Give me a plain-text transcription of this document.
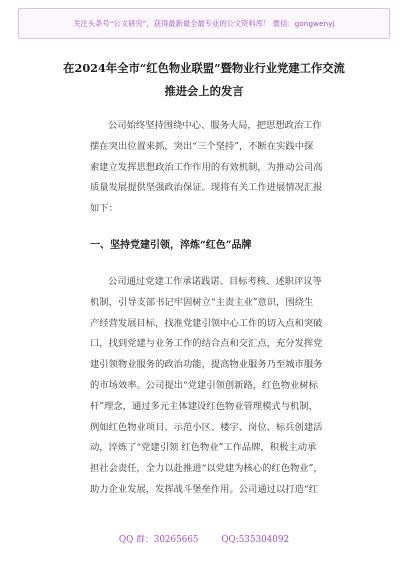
关注头条号“公文研究”，获得最新最全最专业的公文资料库！ 微信：gongwenyj
在2024年全市“红色物业联盟”暨物业行业党建工作交流
推进会上的发言
公司始终坚持围绕中心、服务大局，把思想政治工作
摆在突出位置来抓，突出“三个坚持”，不断在实践中探
索建立发挥思想政治工作作用的有效机制，为推动公司高
质量发展提供坚强政治保证。现将有关工作进展情况汇报
如下：
一、坚持党建引领，淬炼“红色”品牌
公司通过党建工作承诺践诺、目标考核、述职评议等
机制，引导支部书记牢固树立“主责主业”意识，围绕生
产经营发展目标，找准党建引领中心工作的切入点和突破
口，找到党建与业务工作的结合点和交汇点，充分发挥党
建引领物业服务的政治功能，提高物业服务乃至城市服务
的市场效率。公司提出“党建引领创新路，红色物业树标
杆”理念，通过多元主体建设红色物业管理模式与机制，
例如红色物业项目、示范小区、楼宇、岗位、标兵创建活
动，淬炼了“党建引领 红色物业”工作品牌，积极主动承
担社会责任，全力以赴推进“以党建为核心的红色物业”，
助力企业发展，发挥战斗堡垒作用。公司通过以打造“红
QQ 群：30265665	QQ:535304092
